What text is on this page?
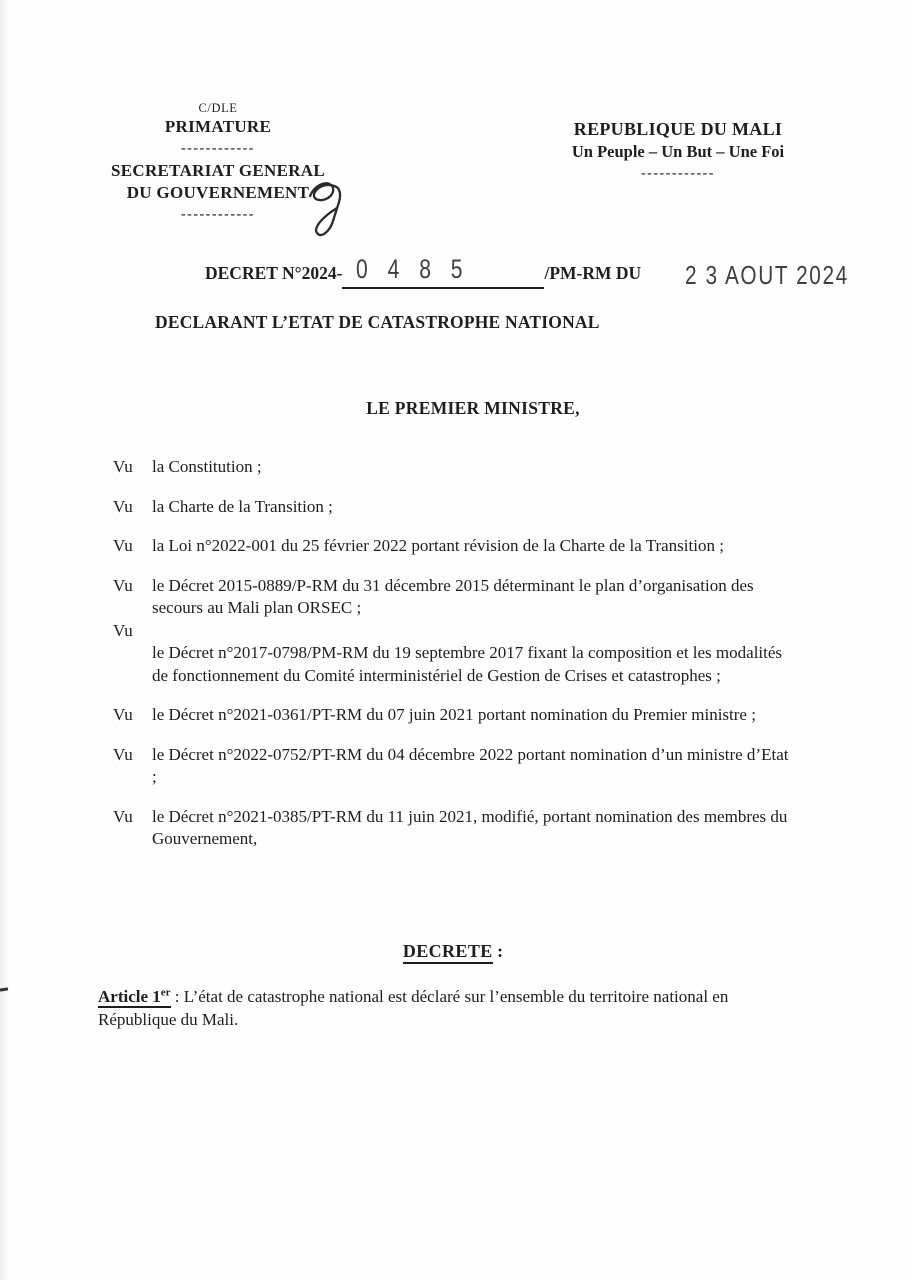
C/DLE
PRIMATURE
------------
SECRETARIAT GENERAL
DU GOUVERNEMENT
------------
REPUBLIQUE DU MALI
Un Peuple – Un But – Une Foi
------------
DECRET N°2024- 0 4 8 5	/PM-RM DU 2 3 AOUT 2024
DECLARANT L’ETAT DE CATASTROPHE NATIONAL
LE PREMIER MINISTRE,
Vu	la Constitution ;

Vu	la Charte de la Transition ;

Vu	la Loi n°2022-001 du 25 février 2022 portant révision de la Charte de la Transition ;

Vu	le Décret 2015-0889/P-RM du 31 décembre 2015 déterminant le plan d’organisation des secours au Mali plan ORSEC ;

Vu

le Décret n°2017-0798/PM-RM du 19 septembre 2017 fixant la composition et les modalités de fonctionnement du Comité interministériel de Gestion de Crises et catastrophes ;

Vu	le Décret n°2021-0361/PT-RM du 07 juin 2021 portant nomination du Premier ministre ;

Vu	le Décret n°2022-0752/PT-RM du 04 décembre 2022 portant nomination d’un ministre d’Etat ;

Vu	le Décret n°2021-0385/PT-RM du 11 juin 2021, modifié, portant nomination des membres du Gouvernement,

DECRETE :

Article 1er : L’état de catastrophe national est déclaré sur l’ensemble du territoire national en République du Mali.
